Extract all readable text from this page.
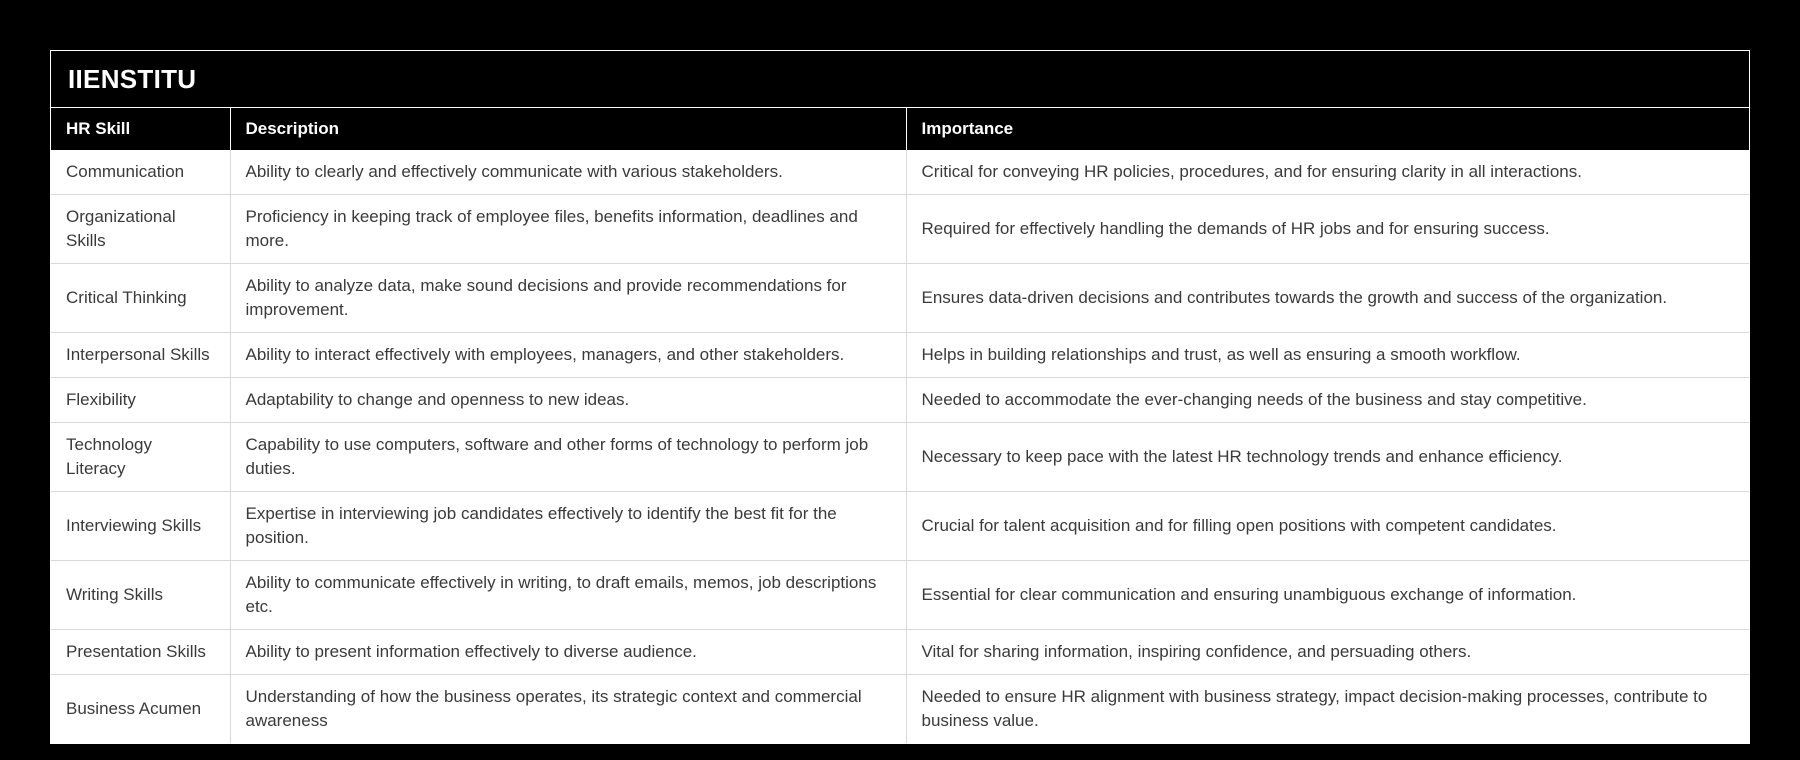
IIENSTITU
HR Skill	Description	Importance
Communication	Ability to clearly and effectively communicate with various stakeholders.	Critical for conveying HR policies, procedures, and for ensuring clarity in all interactions.
Organizational Skills	Proficiency in keeping track of employee files, benefits information, deadlines and more.	Required for effectively handling the demands of HR jobs and for ensuring success.
Critical Thinking	Ability to analyze data, make sound decisions and provide recommendations for improvement.	Ensures data-driven decisions and contributes towards the growth and success of the organization.
Interpersonal Skills	Ability to interact effectively with employees, managers, and other stakeholders.	Helps in building relationships and trust, as well as ensuring a smooth workflow.
Flexibility	Adaptability to change and openness to new ideas.	Needed to accommodate the ever-changing needs of the business and stay competitive.
Technology Literacy	Capability to use computers, software and other forms of technology to perform job duties.	Necessary to keep pace with the latest HR technology trends and enhance efficiency.
Interviewing Skills	Expertise in interviewing job candidates effectively to identify the best fit for the position.	Crucial for talent acquisition and for filling open positions with competent candidates.
Writing Skills	Ability to communicate effectively in writing, to draft emails, memos, job descriptions etc.	Essential for clear communication and ensuring unambiguous exchange of information.
Presentation Skills	Ability to present information effectively to diverse audience.	Vital for sharing information, inspiring confidence, and persuading others.
Business Acumen	Understanding of how the business operates, its strategic context and commercial awareness	Needed to ensure HR alignment with business strategy, impact decision-making processes, contribute to business value.
